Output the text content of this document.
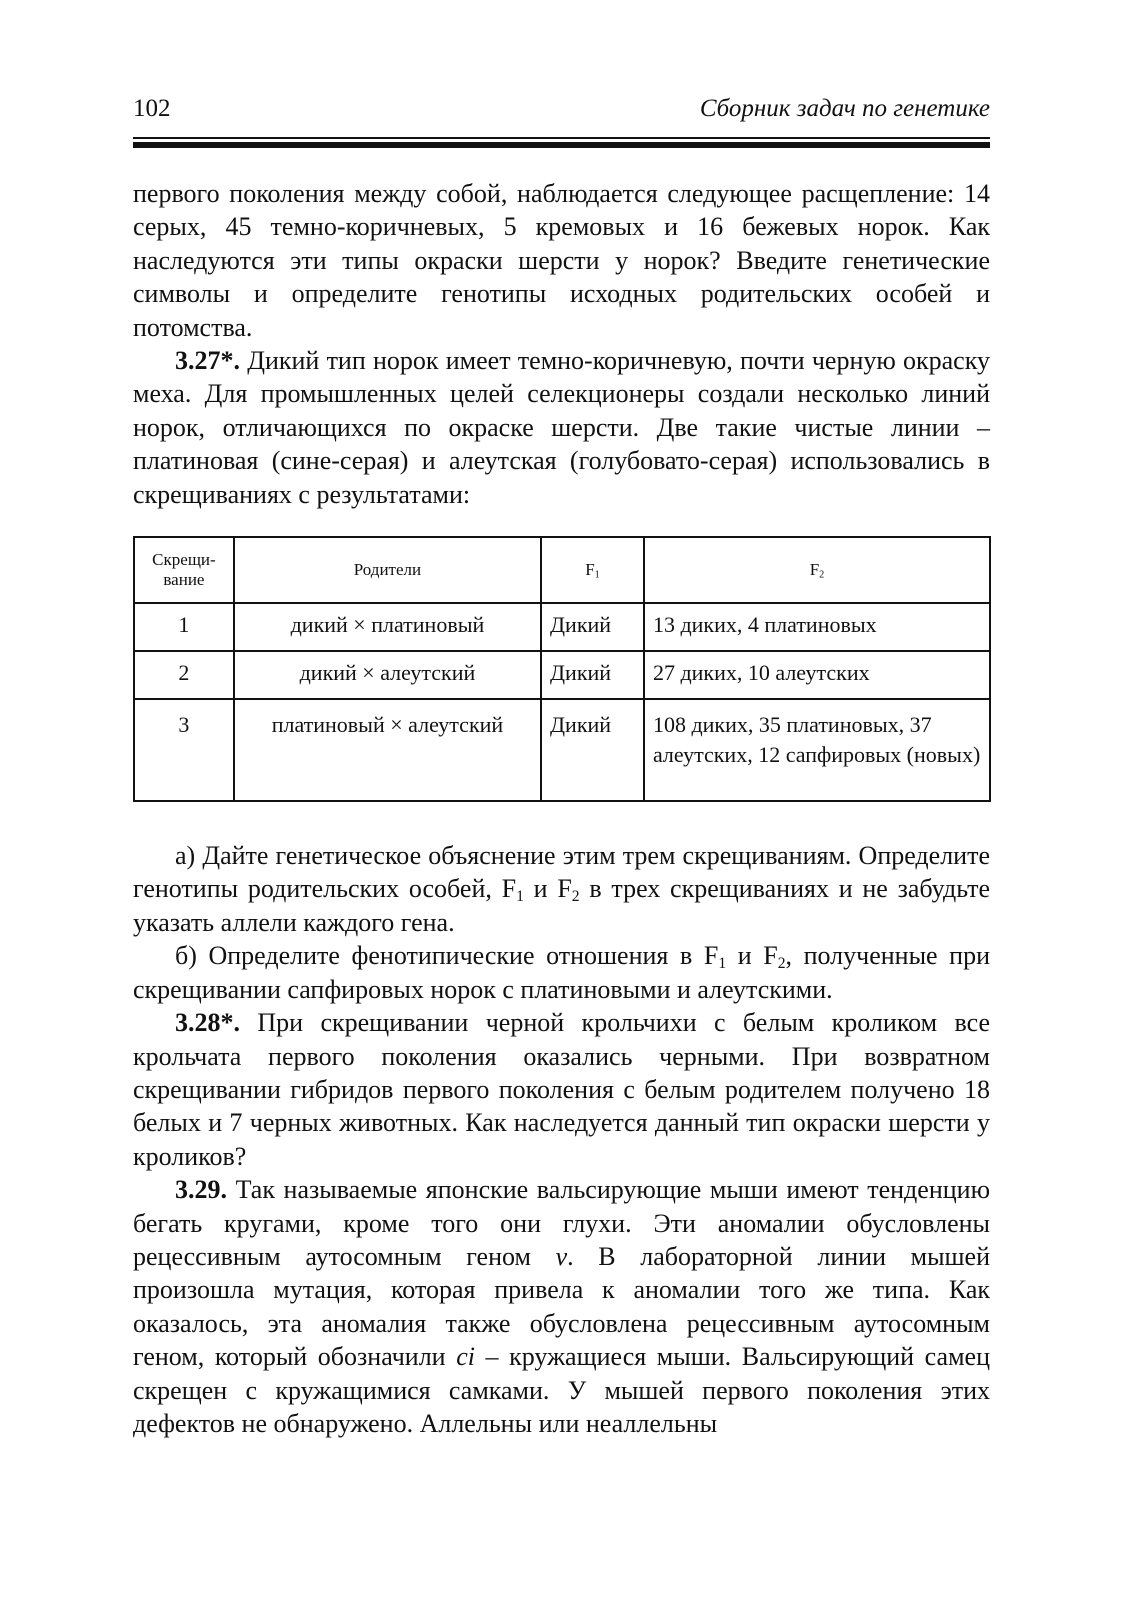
102	Сборник задач по генетике

первого поколения между собой, наблюдается следующее расщепление: 14 серых, 45 темно-коричневых, 5 кремовых и 16 бежевых норок. Как наследуются эти типы окраски шерсти у норок? Введите генетические символы и определите генотипы исходных родительских особей и потомства.

3.27*. Дикий тип норок имеет темно-коричневую, почти черную окраску меха. Для промышленных целей селекционеры создали несколько линий норок, отличающихся по окраске шерсти. Две такие чистые линии – платиновая (сине-серая) и алеутская (голубовато-серая) использовались в скрещиваниях с результатами:

Скрещи-вание	Родители	$F_1$	$F_2$
1	дикий × платиновый	Дикий	13 диких, 4 платиновых
2	дикий × алеутский	Дикий	27 диких, 10 алеутских
3	платиновый × алеутский	Дикий	108 диких, 35 платиновых, 37 алеутских, 12 сапфировых (новых)

а) Дайте генетическое объяснение этим трем скрещиваниям. Определите генотипы родительских особей, $F_1$ и $F_2$ в трех скрещиваниях и не забудьте указать аллели каждого гена.

б) Определите фенотипические отношения в $F_1$ и $F_2$, полученные при скрещивании сапфировых норок с платиновыми и алеутскими.

3.28*. При скрещивании черной крольчихи с белым кроликом все крольчата первого поколения оказались черными. При возвратном скрещивании гибридов первого поколения с белым родителем получено 18 белых и 7 черных животных. Как наследуется данный тип окраски шерсти у кроликов?

3.29. Так называемые японские вальсирующие мыши имеют тенденцию бегать кругами, кроме того они глухи. Эти аномалии обусловлены рецессивным аутосомным геном v. В лабораторной линии мышей произошла мутация, которая привела к аномалии того же типа. Как оказалось, эта аномалия также обусловлена рецессивным аутосомным геном, который обозначили ci – кружащиеся мыши. Вальсирующий самец скрещен с кружащимися самками. У мышей первого поколения этих дефектов не обнаружено. Аллельны или неаллельны
